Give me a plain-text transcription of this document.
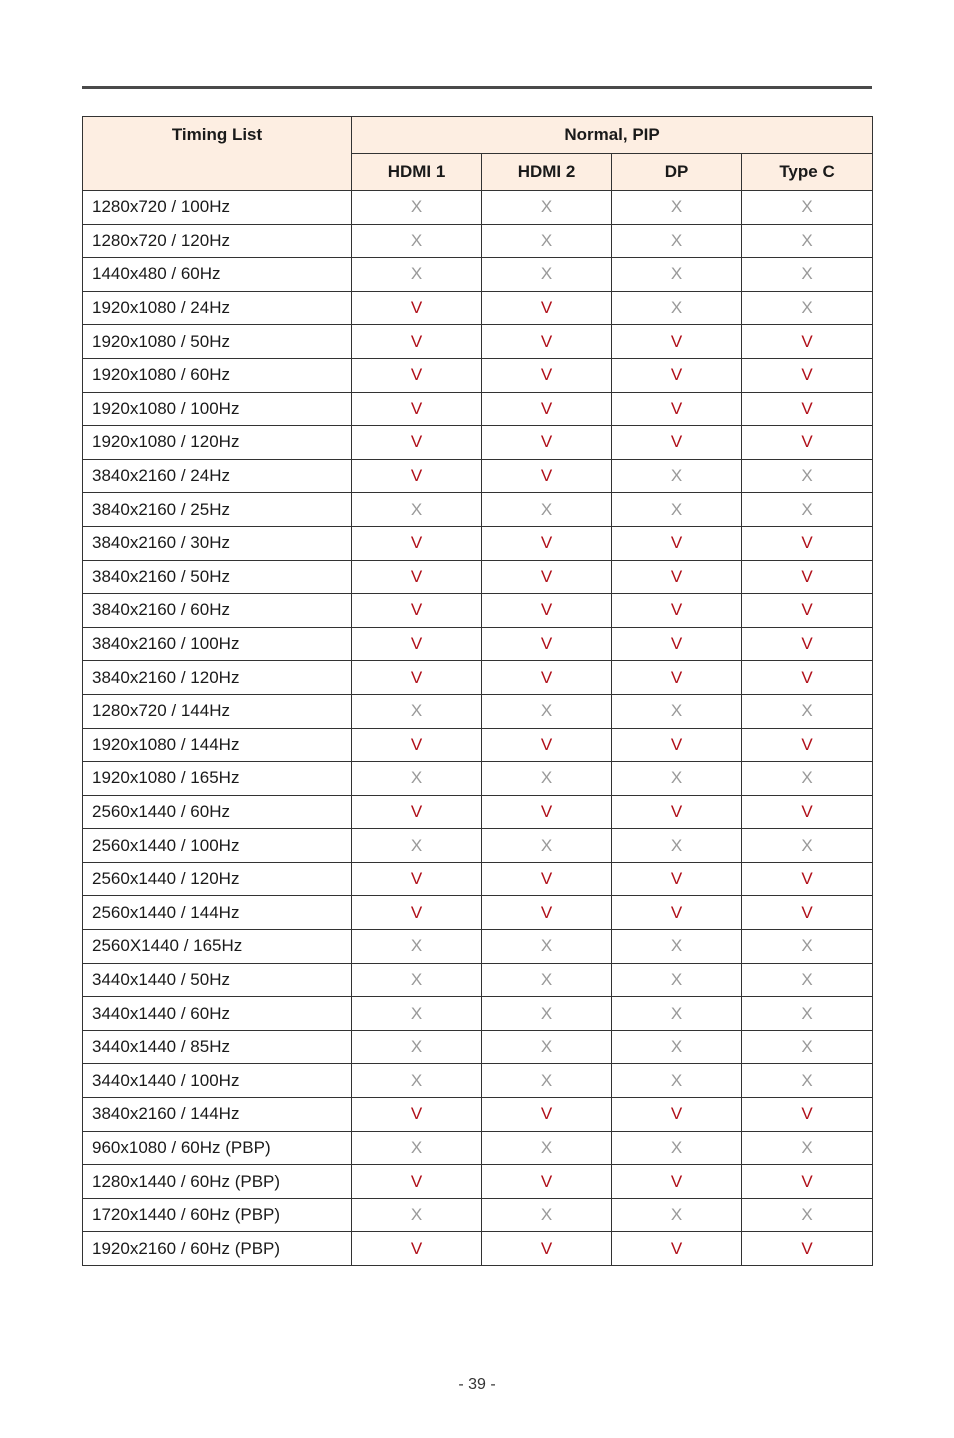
Timing List	Normal, PIP			
	HDMI 1	HDMI 2	DP	Type C
1280x720 / 100Hz	X	X	X	X
1280x720 / 120Hz	X	X	X	X
1440x480 / 60Hz	X	X	X	X
1920x1080 / 24Hz	V	V	X	X
1920x1080 / 50Hz	V	V	V	V
1920x1080 / 60Hz	V	V	V	V
1920x1080 / 100Hz	V	V	V	V
1920x1080 / 120Hz	V	V	V	V
3840x2160 / 24Hz	V	V	X	X
3840x2160 / 25Hz	X	X	X	X
3840x2160 / 30Hz	V	V	V	V
3840x2160 / 50Hz	V	V	V	V
3840x2160 / 60Hz	V	V	V	V
3840x2160 / 100Hz	V	V	V	V
3840x2160 / 120Hz	V	V	V	V
1280x720 / 144Hz	X	X	X	X
1920x1080 / 144Hz	V	V	V	V
1920x1080 / 165Hz	X	X	X	X
2560x1440 / 60Hz	V	V	V	V
2560x1440 / 100Hz	X	X	X	X
2560x1440 / 120Hz	V	V	V	V
2560x1440 / 144Hz	V	V	V	V
2560X1440 / 165Hz	X	X	X	X
3440x1440 / 50Hz	X	X	X	X
3440x1440 / 60Hz	X	X	X	X
3440x1440 / 85Hz	X	X	X	X
3440x1440 / 100Hz	X	X	X	X
3840x2160 / 144Hz	V	V	V	V
960x1080 / 60Hz (PBP)	X	X	X	X
1280x1440 / 60Hz (PBP)	V	V	V	V
1720x1440 / 60Hz (PBP)	X	X	X	X
1920x2160 / 60Hz (PBP)	V	V	V	V
- 39 -
